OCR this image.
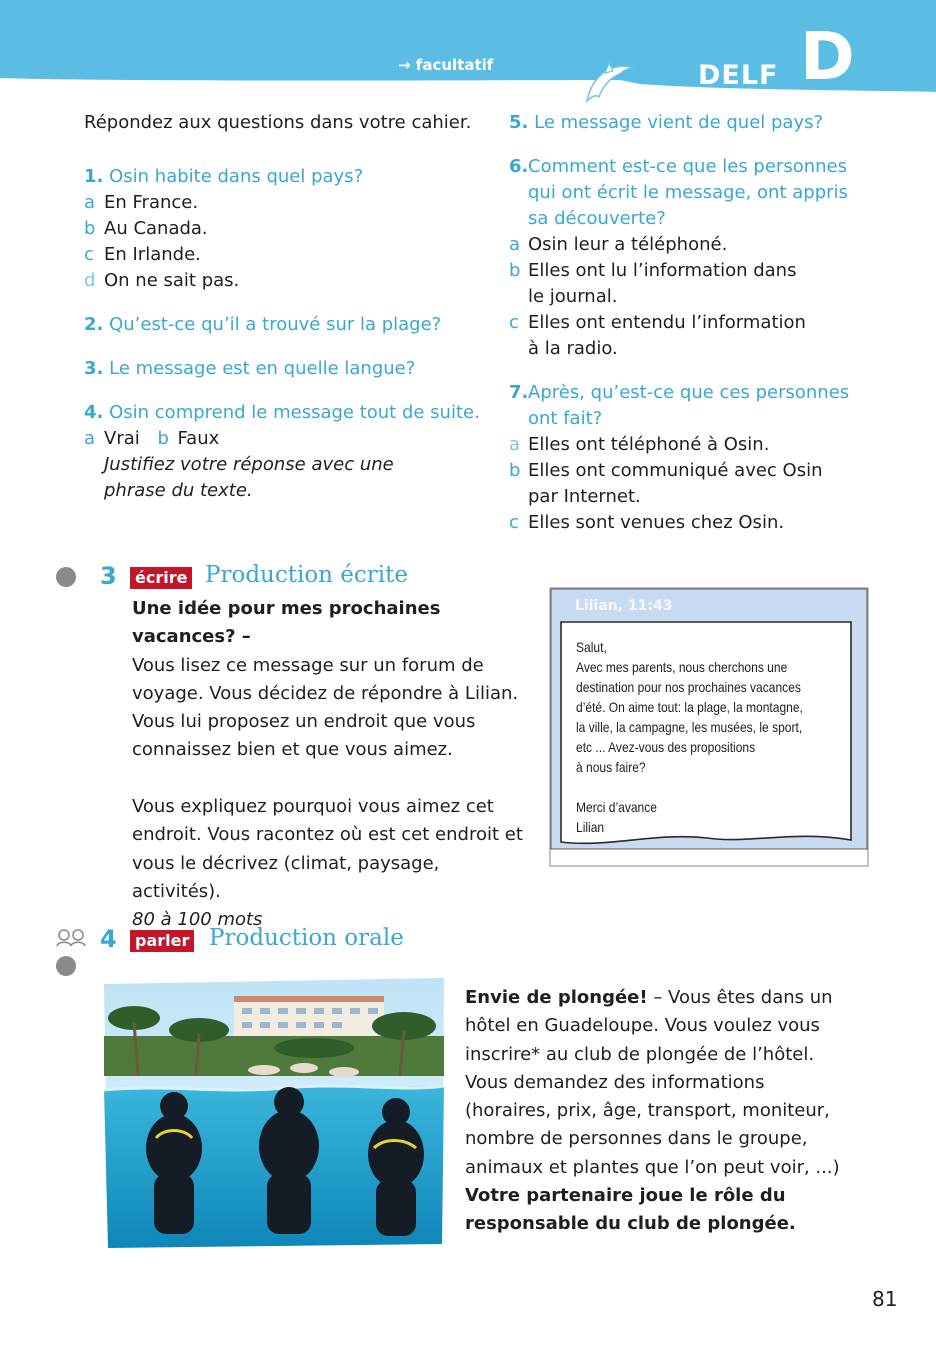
→ facultatif	DELF D
Répondez aux questions dans votre cahier.
1. Osin habite dans quel pays?
a En France.
b Au Canada.
c En Irlande.
d On ne sait pas.
2. Qu’est-ce qu’il a trouvé sur la plage?
3. Le message est en quelle langue?
4. Osin comprend le message tout de suite.
a Vrai b Faux
Justifiez votre réponse avec une
phrase du texte.
5. Le message vient de quel pays?
6. Comment est-ce que les personnes
qui ont écrit le message, ont appris
sa découverte?
a Osin leur a téléphoné.
b Elles ont lu l’information dans
le journal.
c Elles ont entendu l’information
à la radio.
7. Après, qu’est-ce que ces personnes
ont fait?
a Elles ont téléphoné à Osin.
b Elles ont communiqué avec Osin
par Internet.
c Elles sont venues chez Osin.
3	écrire Production écrite
Une idée pour mes prochaines vacances? –
Vous lisez ce message sur un forum de
voyage. Vous décidez de répondre à Lilian.
Vous lui proposez un endroit que vous
connaissez bien et que vous aimez.
Vous expliquez pourquoi vous aimez cet
endroit. Vous racontez où est cet endroit et
vous le décrivez (climat, paysage, activités).
80 à 100 mots
Lilian, 11:43
Salut,
Avec mes parents, nous cherchons une
destination pour nos prochaines vacances
d’été. On aime tout: la plage, la montagne,
la ville, la campagne, les musées, le sport,
etc ... Avez-vous des propositions
à nous faire?
Merci d’avance
Lilian
4	parler Production orale
Envie de plongée! – Vous êtes dans un
hôtel en Guadeloupe. Vous voulez vous
inscrire* au club de plongée de l’hôtel.
Vous demandez des informations
(horaires, prix, âge, transport, moniteur,
nombre de personnes dans le groupe,
animaux et plantes que l’on peut voir, ...)
Votre partenaire joue le rôle du
responsable du club de plongée.
81
